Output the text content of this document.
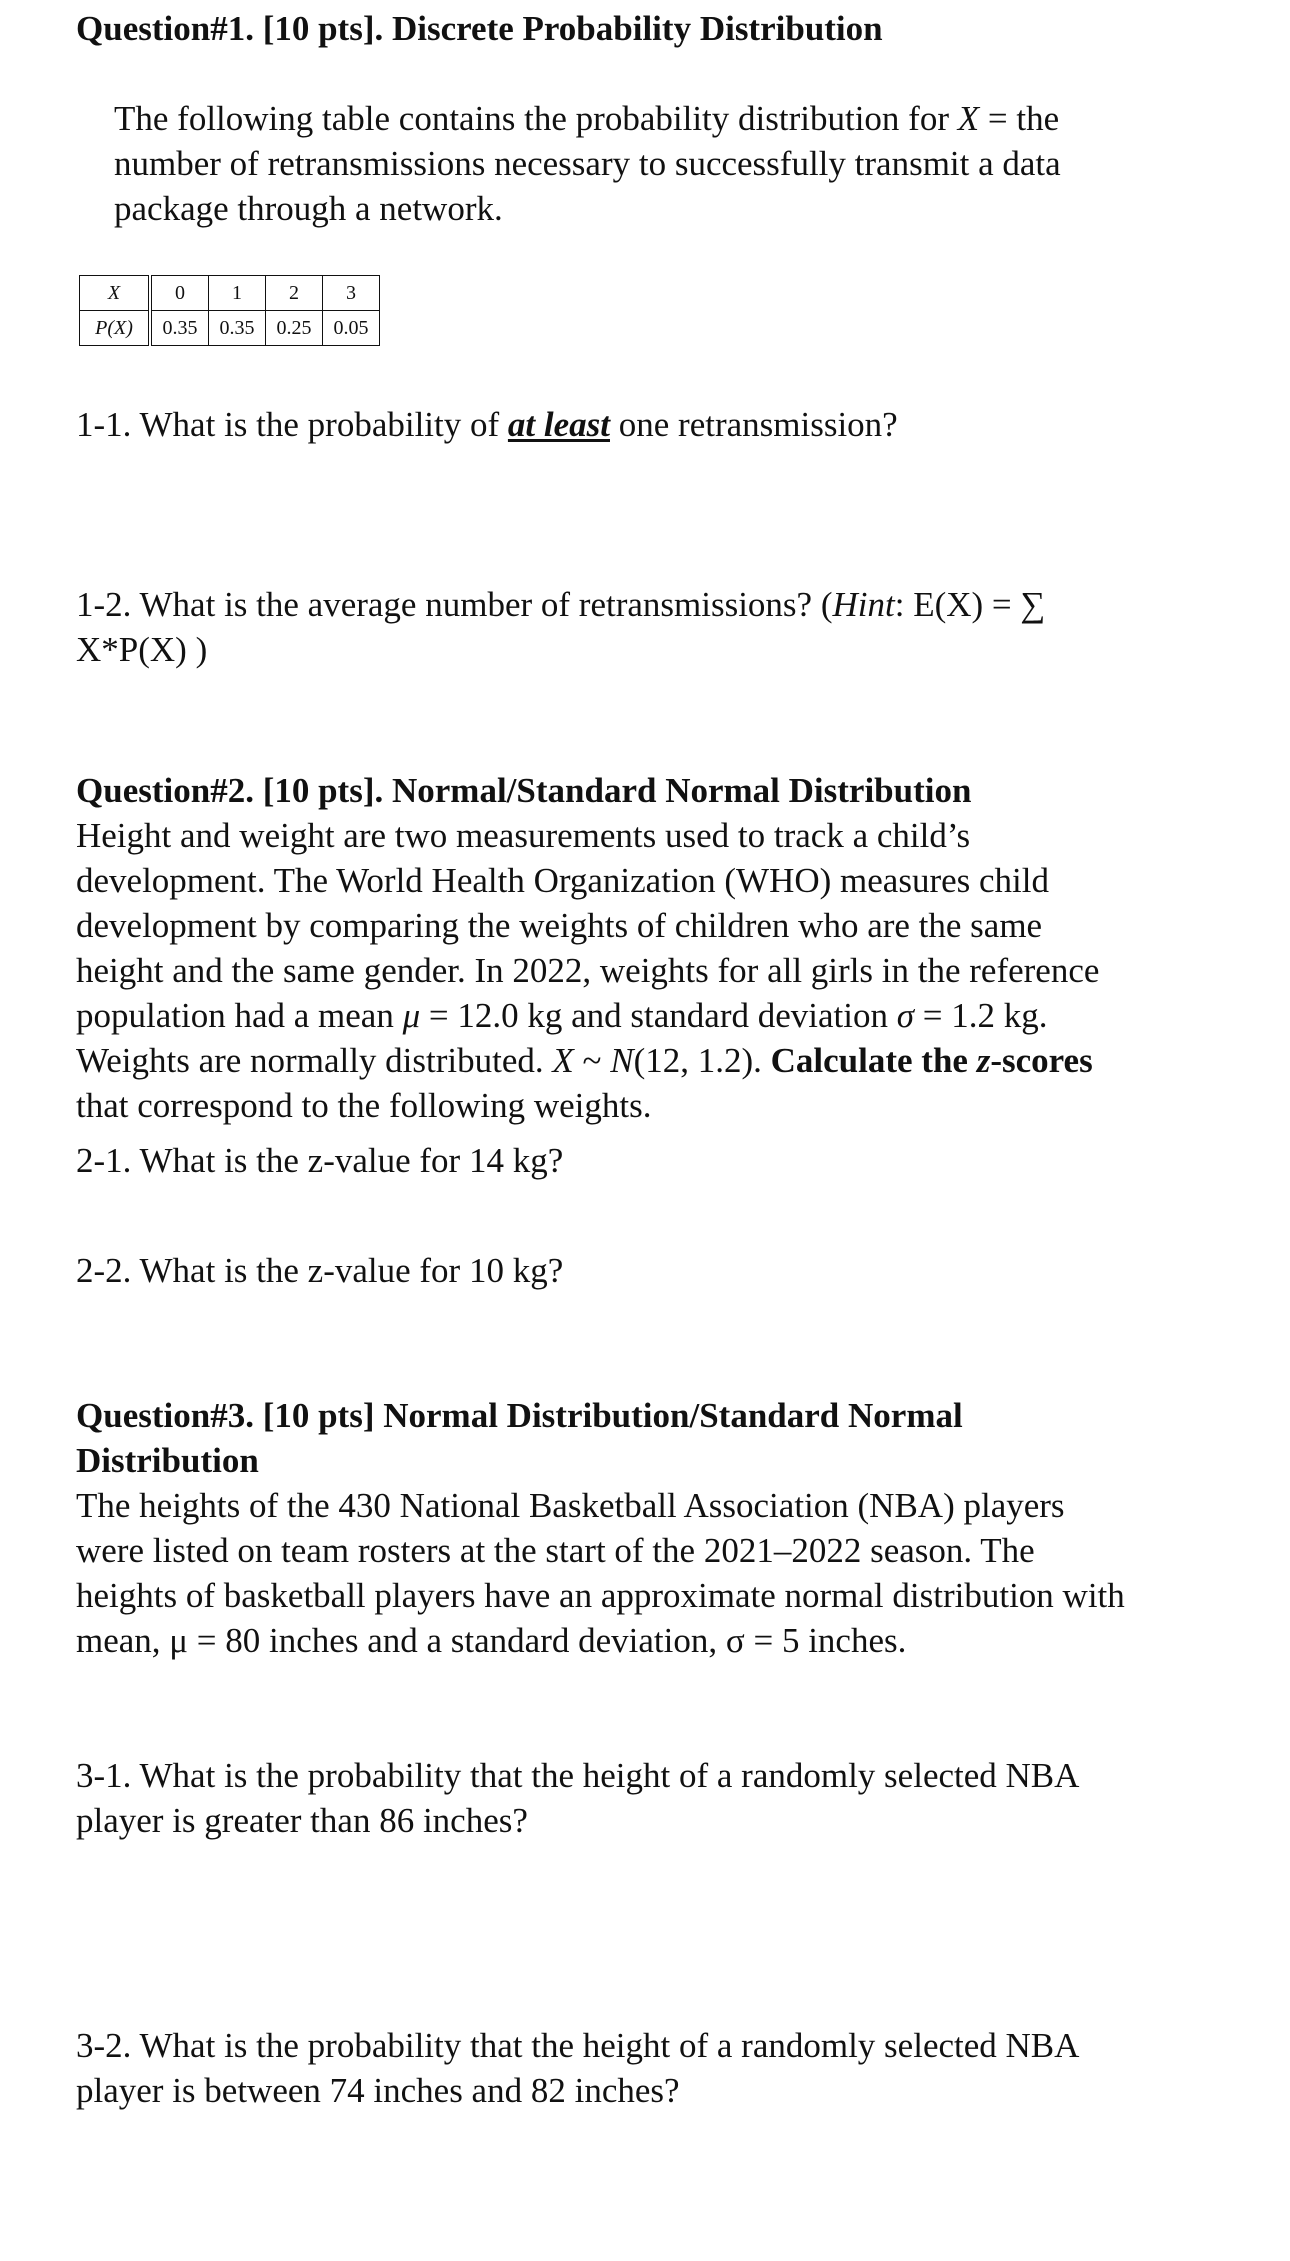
Question#1. [10 pts]. Discrete Probability Distribution

The following table contains the probability distribution for X = the
number of retransmissions necessary to successfully transmit a data
package through a network.
X	0	1	2	3
P(X)	0.35	0.35	0.25	0.05

1-1. What is the probability of at least one retransmission?

1-2. What is the average number of retransmissions? (Hint: E(X) = ∑
X*P(X) )

Question#2. [10 pts]. Normal/Standard Normal Distribution

Height and weight are two measurements used to track a child’s
development. The World Health Organization (WHO) measures child
development by comparing the weights of children who are the same
height and the same gender. In 2022, weights for all girls in the reference
population had a mean μ = 12.0 kg and standard deviation σ = 1.2 kg.
Weights are normally distributed. X ~ N(12, 1.2). Calculate the z-scores
that correspond to the following weights.

2-1. What is the z-value for 14 kg?

2-2. What is the z-value for 10 kg?

Question#3. [10 pts] Normal Distribution/Standard Normal
Distribution
The heights of the 430 National Basketball Association (NBA) players
were listed on team rosters at the start of the 2021–2022 season. The
heights of basketball players have an approximate normal distribution with
mean, μ = 80 inches and a standard deviation, σ = 5 inches.
3-1. What is the probability that the height of a randomly selected NBA
player is greater than 86 inches?
3-2. What is the probability that the height of a randomly selected NBA
player is between 74 inches and 82 inches?
